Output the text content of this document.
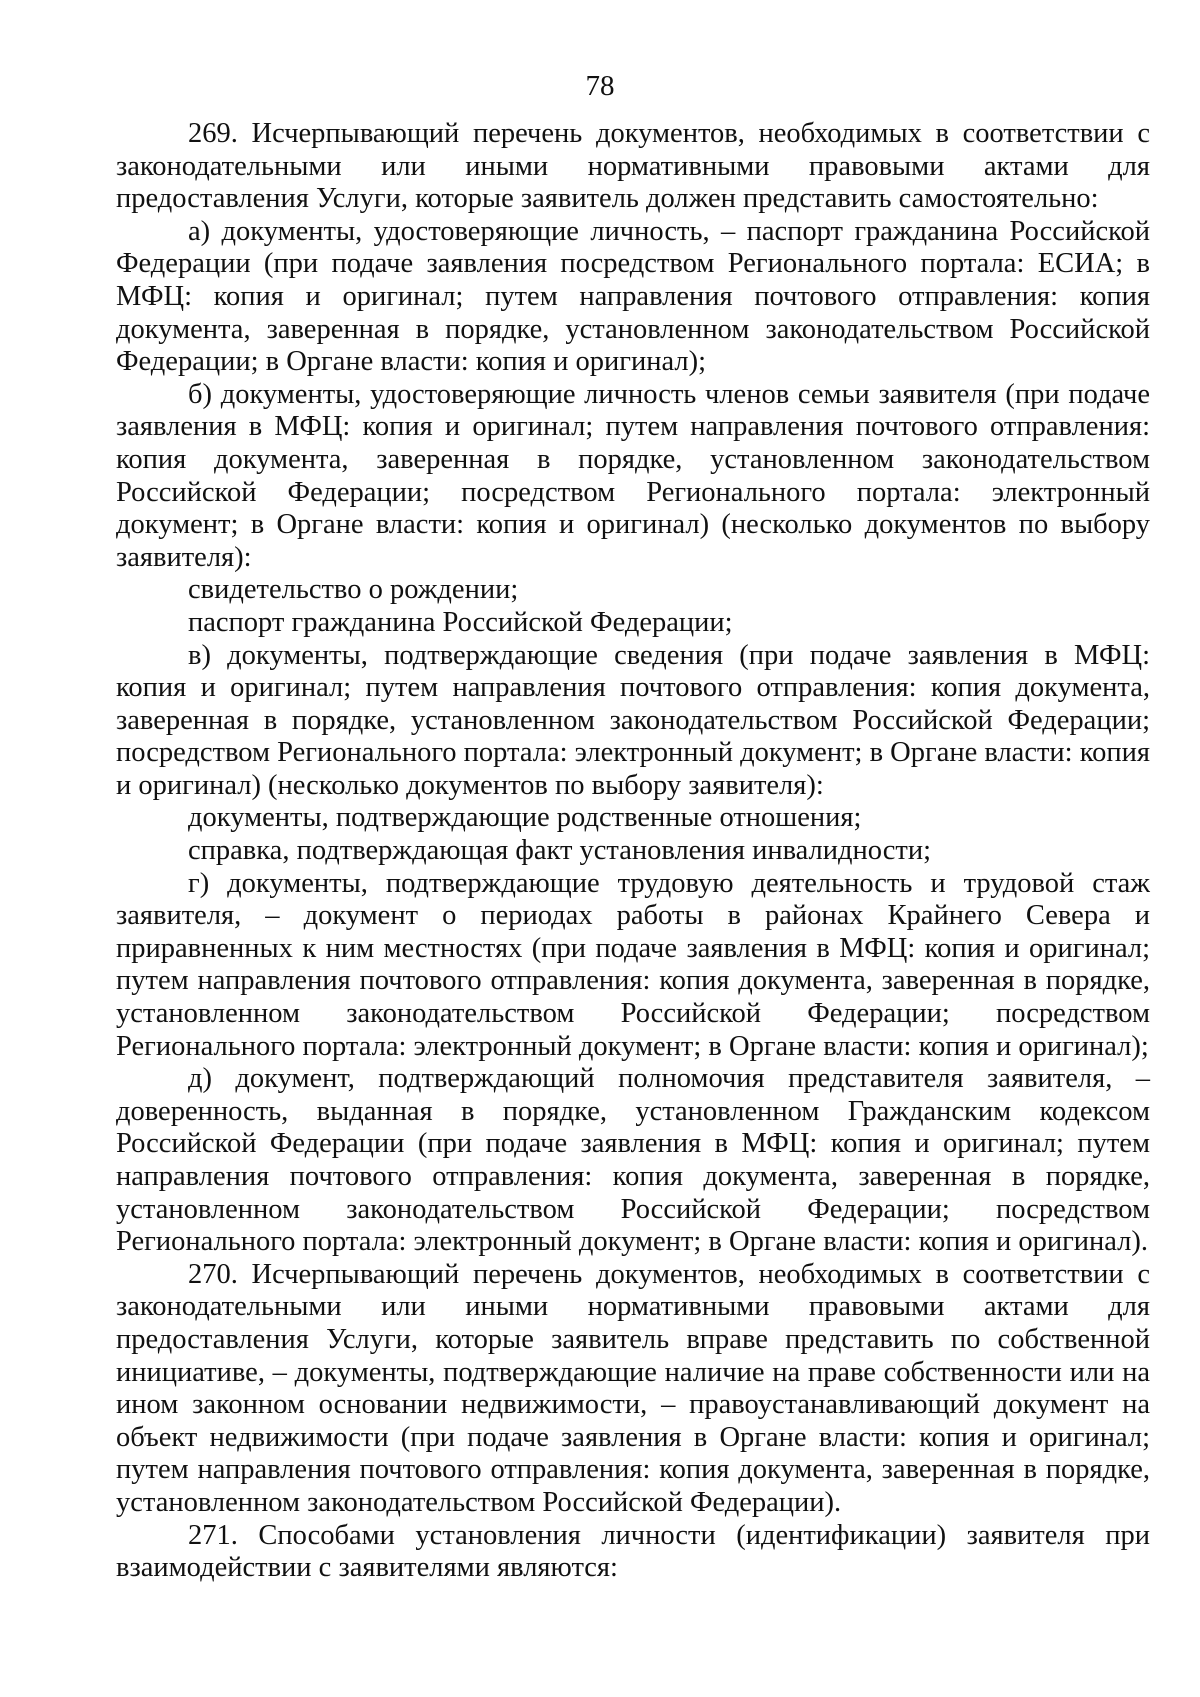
78

269. Исчерпывающий перечень документов, необходимых в соответствии с законодательными или иными нормативными правовыми актами для предоставления Услуги, которые заявитель должен представить самостоятельно:

а) документы, удостоверяющие личность, – паспорт гражданина Российской Федерации (при подаче заявления посредством Регионального портала: ЕСИА; в МФЦ: копия и оригинал; путем направления почтового отправления: копия документа, заверенная в порядке, установленном законодательством Российской Федерации; в Органе власти: копия и оригинал);

б) документы, удостоверяющие личность членов семьи заявителя (при подаче заявления в МФЦ: копия и оригинал; путем направления почтового отправления: копия документа, заверенная в порядке, установленном законодательством Российской Федерации; посредством Регионального портала: электронный документ; в Органе власти: копия и оригинал) (несколько документов по выбору заявителя):

свидетельство о рождении;

паспорт гражданина Российской Федерации;

в) документы, подтверждающие сведения (при подаче заявления в МФЦ: копия и оригинал; путем направления почтового отправления: копия документа, заверенная в порядке, установленном законодательством Российской Федерации; посредством Регионального портала: электронный документ; в Органе власти: копия и оригинал) (несколько документов по выбору заявителя):

документы, подтверждающие родственные отношения;

справка, подтверждающая факт установления инвалидности;

г) документы, подтверждающие трудовую деятельность и трудовой стаж заявителя, – документ о периодах работы в районах Крайнего Севера и приравненных к ним местностях (при подаче заявления в МФЦ: копия и оригинал; путем направления почтового отправления: копия документа, заверенная в порядке, установленном законодательством Российской Федерации; посредством Регионального портала: электронный документ; в Органе власти: копия и оригинал);

д) документ, подтверждающий полномочия представителя заявителя, – доверенность, выданная в порядке, установленном Гражданским кодексом Российской Федерации (при подаче заявления в МФЦ: копия и оригинал; путем направления почтового отправления: копия документа, заверенная в порядке, установленном законодательством Российской Федерации; посредством Регионального портала: электронный документ; в Органе власти: копия и оригинал).

270. Исчерпывающий перечень документов, необходимых в соответствии с законодательными или иными нормативными правовыми актами для предоставления Услуги, которые заявитель вправе представить по собственной инициативе, – документы, подтверждающие наличие на праве собственности или на ином законном основании недвижимости, – правоустанавливающий документ на объект недвижимости (при подаче заявления в Органе власти: копия и оригинал; путем направления почтового отправления: копия документа, заверенная в порядке, установленном законодательством Российской Федерации).

271. Способами установления личности (идентификации) заявителя при взаимодействии с заявителями являются:
